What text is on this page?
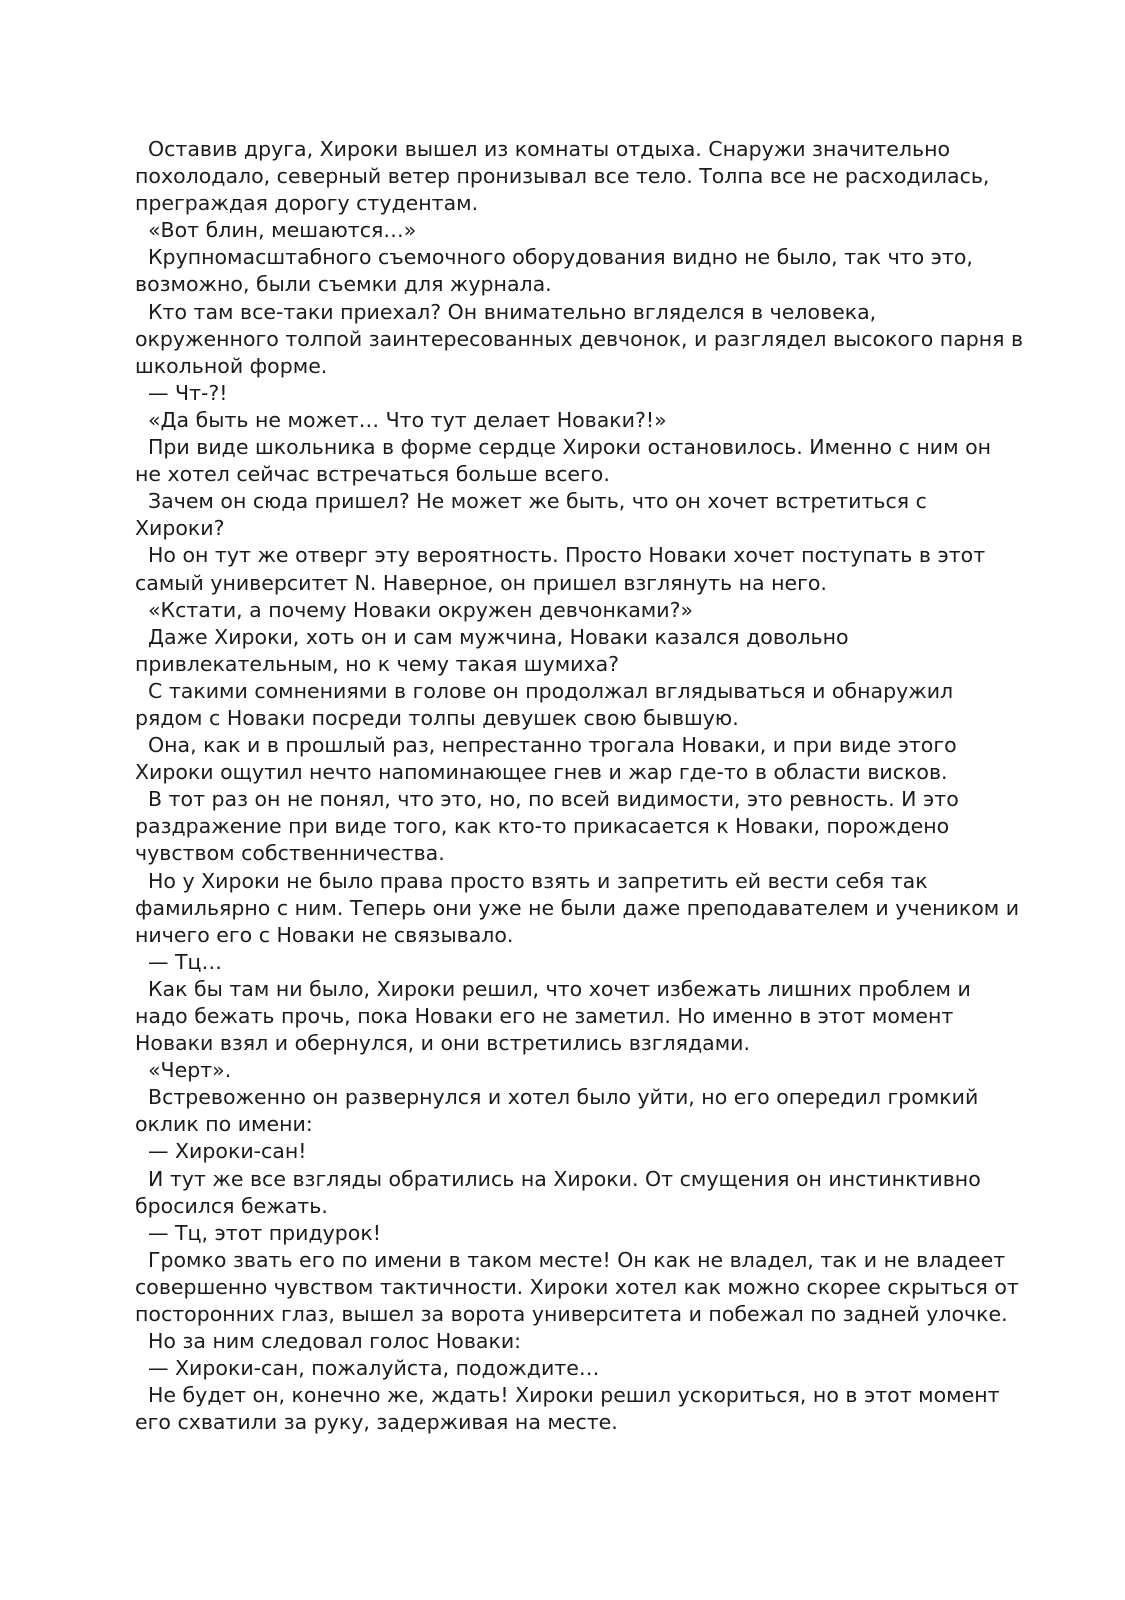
Оставив друга, Хироки вышел из комнаты отдыха. Снаружи значительно
похолодало, северный ветер пронизывал все тело. Толпа все не расходилась,
преграждая дорогу студентам.

«Вот блин, мешаются…»

Крупномасштабного съемочного оборудования видно не было, так что это,
возможно, были съемки для журнала.

Кто там все-таки приехал? Он внимательно вгляделся в человека,
окруженного толпой заинтересованных девчонок, и разглядел высокого парня в
школьной форме.

— Чт-?!

«Да быть не может… Что тут делает Новаки?!»

При виде школьника в форме сердце Хироки остановилось. Именно с ним он
не хотел сейчас встречаться больше всего.

Зачем он сюда пришел? Не может же быть, что он хочет встретиться с
Хироки?

Но он тут же отверг эту вероятность. Просто Новаки хочет поступать в этот
самый университет N. Наверное, он пришел взглянуть на него.

«Кстати, а почему Новаки окружен девчонками?»

Даже Хироки, хоть он и сам мужчина, Новаки казался довольно
привлекательным, но к чему такая шумиха?

С такими сомнениями в голове он продолжал вглядываться и обнаружил
рядом с Новаки посреди толпы девушек свою бывшую.

Она, как и в прошлый раз, непрестанно трогала Новаки, и при виде этого
Хироки ощутил нечто напоминающее гнев и жар где-то в области висков.

В тот раз он не понял, что это, но, по всей видимости, это ревность. И это
раздражение при виде того, как кто-то прикасается к Новаки, порождено
чувством собственничества.

Но у Хироки не было права просто взять и запретить ей вести себя так
фамильярно с ним. Теперь они уже не были даже преподавателем и учеником и
ничего его с Новаки не связывало.

— Тц…

Как бы там ни было, Хироки решил, что хочет избежать лишних проблем и
надо бежать прочь, пока Новаки его не заметил. Но именно в этот момент
Новаки взял и обернулся, и они встретились взглядами.

«Черт».

Встревоженно он развернулся и хотел было уйти, но его опередил громкий
оклик по имени:

— Хироки-сан!

И тут же все взгляды обратились на Хироки. От смущения он инстинктивно
бросился бежать.

— Тц, этот придурок!

Громко звать его по имени в таком месте! Он как не владел, так и не владеет
совершенно чувством тактичности. Хироки хотел как можно скорее скрыться от
посторонних глаз, вышел за ворота университета и побежал по задней улочке.

Но за ним следовал голос Новаки:

— Хироки-сан, пожалуйста, подождите…

Не будет он, конечно же, ждать! Хироки решил ускориться, но в этот момент
его схватили за руку, задерживая на месте.
